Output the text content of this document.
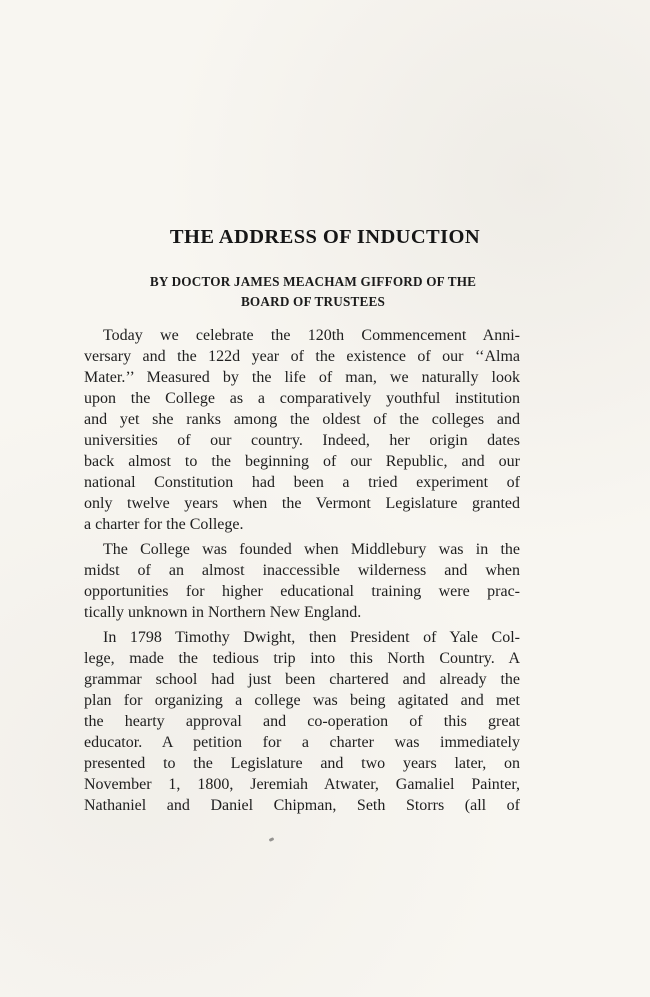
THE ADDRESS OF INDUCTION
BY DOCTOR JAMES MEACHAM GIFFORD OF THE
BOARD OF TRUSTEES

Today we celebrate the 120th Commencement Anni-
versary and the 122d year of the existence of our ‘‘Alma
Mater.’’ Measured by the life of man, we naturally look
upon the College as a comparatively youthful institution
and yet she ranks among the oldest of the colleges and
universities of our country. Indeed, her origin dates
back almost to the beginning of our Republic, and our
national Constitution had been a tried experiment of
only twelve years when the Vermont Legislature granted
a charter for the College.

The College was founded when Middlebury was in the
midst of an almost inaccessible wilderness and when
opportunities for higher educational training were prac-
tically unknown in Northern New England.

In 1798 Timothy Dwight, then President of Yale Col-
lege, made the tedious trip into this North Country. A
grammar school had just been chartered and already the
plan for organizing a college was being agitated and met
the hearty approval and co-operation of this great
educator. A petition for a charter was immediately
presented to the Legislature and two years later, on
November 1, 1800, Jeremiah Atwater, Gamaliel Painter,
Nathaniel and Daniel Chipman, Seth Storrs (all of
